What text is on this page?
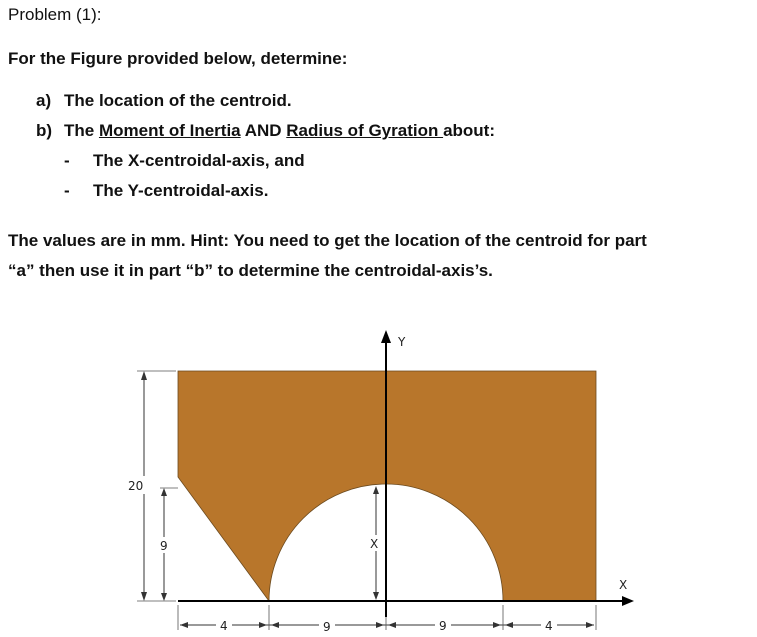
Problem (1):
For the Figure provided below, determine:
a) The location of the centroid.
b) The Moment of Inertia AND Radius of Gyration about:
- The X-centroidal-axis, and
- The Y-centroidal-axis.
The values are in mm. Hint: You need to get the location of the centroid for part
“a” then use it in part “b” to determine the centroidal-axis’s.
Y
X
X
20
9
4	9	9	4
